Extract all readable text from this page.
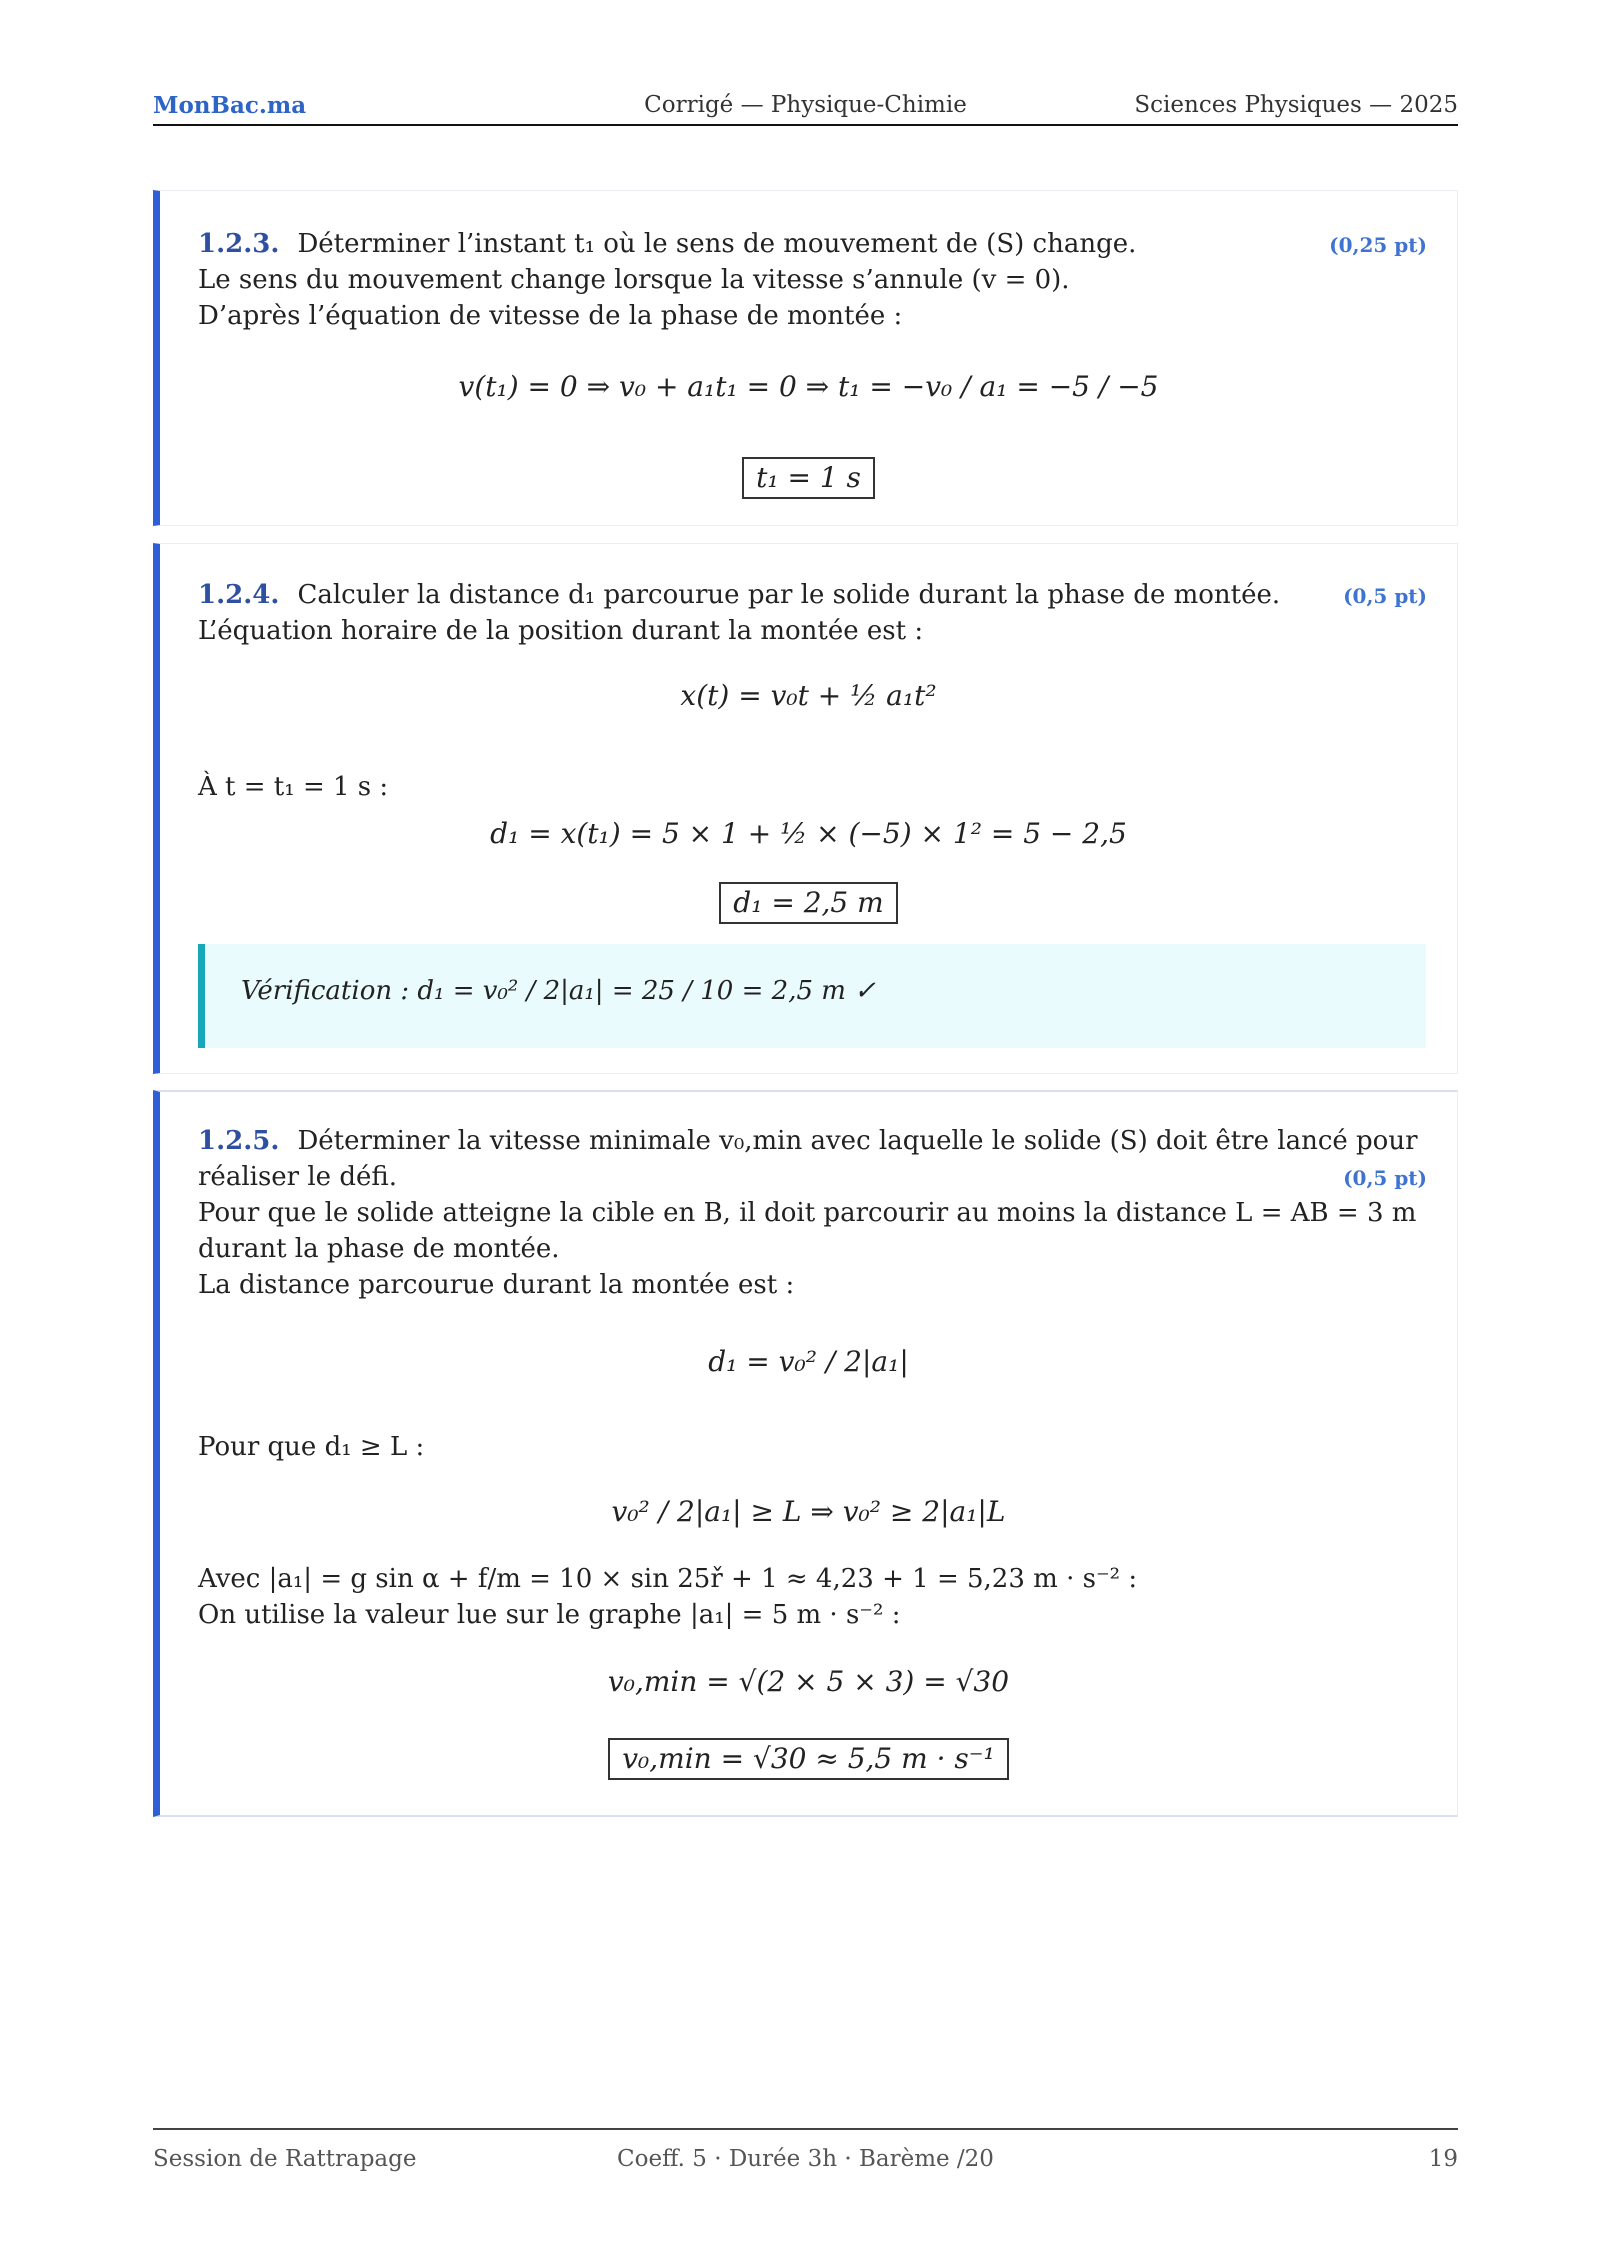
MonBac.ma	Corrigé — Physique-Chimie	Sciences Physiques — 2025
1.2.3. Déterminer l’instant t₁ où le sens de mouvement de (S) change.	(0,25 pt)
Le sens du mouvement change lorsque la vitesse s’annule (v = 0).
D’après l’équation de vitesse de la phase de montée :
v(t₁) = 0 ⇒ v₀ + a₁t₁ = 0 ⇒ t₁ = −v₀ / a₁ = −5 / −5
t₁ = 1 s
1.2.4. Calculer la distance d₁ parcourue par le solide durant la phase de montée.	(0,5 pt)
L’équation horaire de la position durant la montée est :
x(t) = v₀t + ½ a₁t²
À t = t₁ = 1 s :
d₁ = x(t₁) = 5 × 1 + ½ × (−5) × 1² = 5 − 2,5
d₁ = 2,5 m
Vérification : d₁ = v₀² / 2|a₁| = 25 / 10 = 2,5 m ✓
1.2.5. Déterminer la vitesse minimale v₀,min avec laquelle le solide (S) doit être lancé pour
réaliser le défi.	(0,5 pt)
Pour que le solide atteigne la cible en B, il doit parcourir au moins la distance L = AB = 3 m
durant la phase de montée.
La distance parcourue durant la montée est :
d₁ = v₀² / 2|a₁|
Pour que d₁ ≥ L :
v₀² / 2|a₁| ≥ L ⇒ v₀² ≥ 2|a₁|L
Avec |a₁| = g sin α + f/m = 10 × sin 25ř + 1 ≈ 4,23 + 1 = 5,23 m · s⁻² :
On utilise la valeur lue sur le graphe |a₁| = 5 m · s⁻² :
v₀,min = √(2 × 5 × 3) = √30
v₀,min = √30 ≈ 5,5 m · s⁻¹
Session de Rattrapage	Coeff. 5 · Durée 3h · Barème /20	19
